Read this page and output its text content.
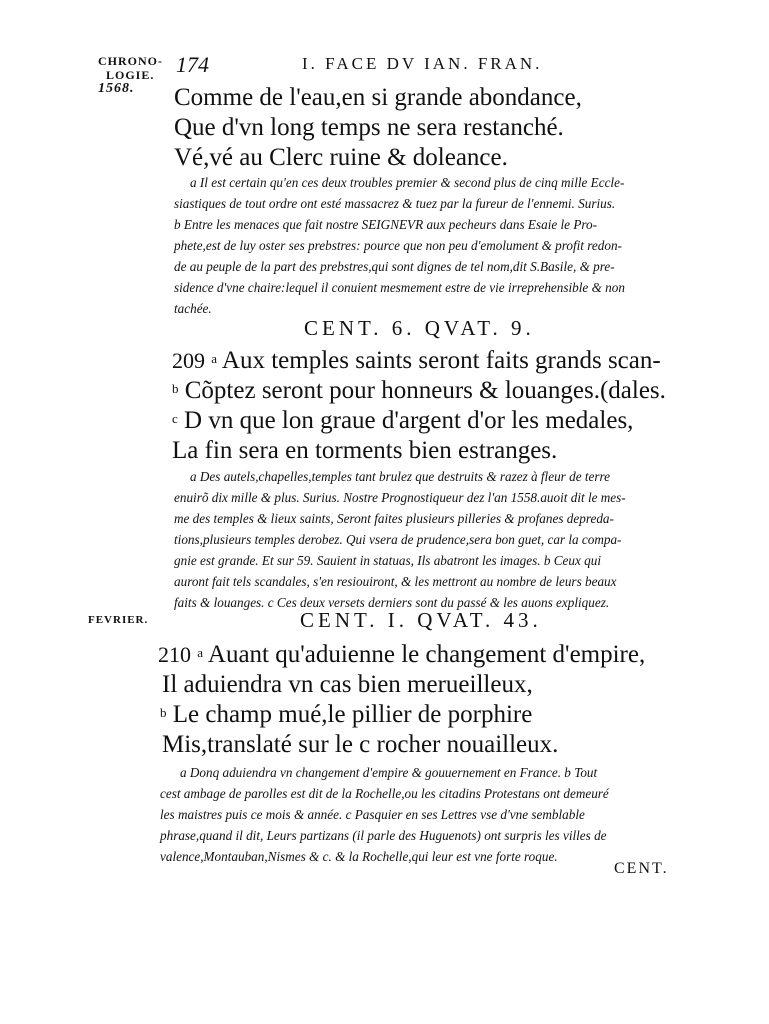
CHRONO-
LOGIE.
1568.
174	I. FACE DV IAN. FRAN.
Comme de l'eau,en si grande abondance,
Que d'vn long temps ne sera restanché.
Vé,vé au Clerc ruine & doleance.
a Il est certain qu'en ces deux troubles premier & second plus de cinq mille Eccle-
siastiques de tout ordre ont esté massacrez & tuez par la fureur de l'ennemi. Surius.
b Entre les menaces que fait nostre SEIGNEVR aux pecheurs dans Esaie le Pro-
phete,est de luy oster ses prebstres: pource que non peu d'emolument & profit redon-
de au peuple de la part des prebstres,qui sont dignes de tel nom,dit S.Basile, & pre-
sidence d'vne chaire:lequel il conuient mesmement estre de vie irreprehensible & non
tachée.
CENT. 6. QVAT. 9.
209 $^a$ Aux temples saints seront faits grands scan-
$^b$ Cõptez seront pour honneurs & louanges.(dales.
$^c$ D vn que lon graue d'argent d'or les medales,
La fin sera en torments bien estranges.
a Des autels,chapelles,temples tant brulez que destruits & razez à fleur de terre
enuirõ dix mille & plus. Surius. Nostre Prognostiqueur dez l'an 1558.auoit dit le mes-
me des temples & lieux saints, Seront faites plusieurs pilleries & profanes depreda-
tions,plusieurs temples derobez. Qui vsera de prudence,sera bon guet, car la compa-
gnie est grande. Et sur 59. Sauient in statuas, Ils abatront les images. b Ceux qui
auront fait tels scandales, s'en resiouiront, & les mettront au nombre de leurs beaux
faits & louanges. c Ces deux versets derniers sont du passé & les auons expliquez.
FEVRIER.	CENT. I. QVAT. 43.
210 $^a$ Auant qu'aduienne le changement d'empire,
Il aduiendra vn cas bien merueilleux,
$^b$ Le champ mué,le pillier de porphire
Mis,translaté sur le c rocher nouailleux.
a Donq aduiendra vn changement d'empire & gouuernement en France. b Tout
cest ambage de parolles est dit de la Rochelle,ou les citadins Protestans ont demeuré
les maistres puis ce mois & année. c Pasquier en ses Lettres vse d'vne semblable
phrase,quand il dit, Leurs partizans (il parle des Huguenots) ont surpris les villes de
valence,Montauban,Nismes & c. & la Rochelle,qui leur est vne forte roque.
CENT.
